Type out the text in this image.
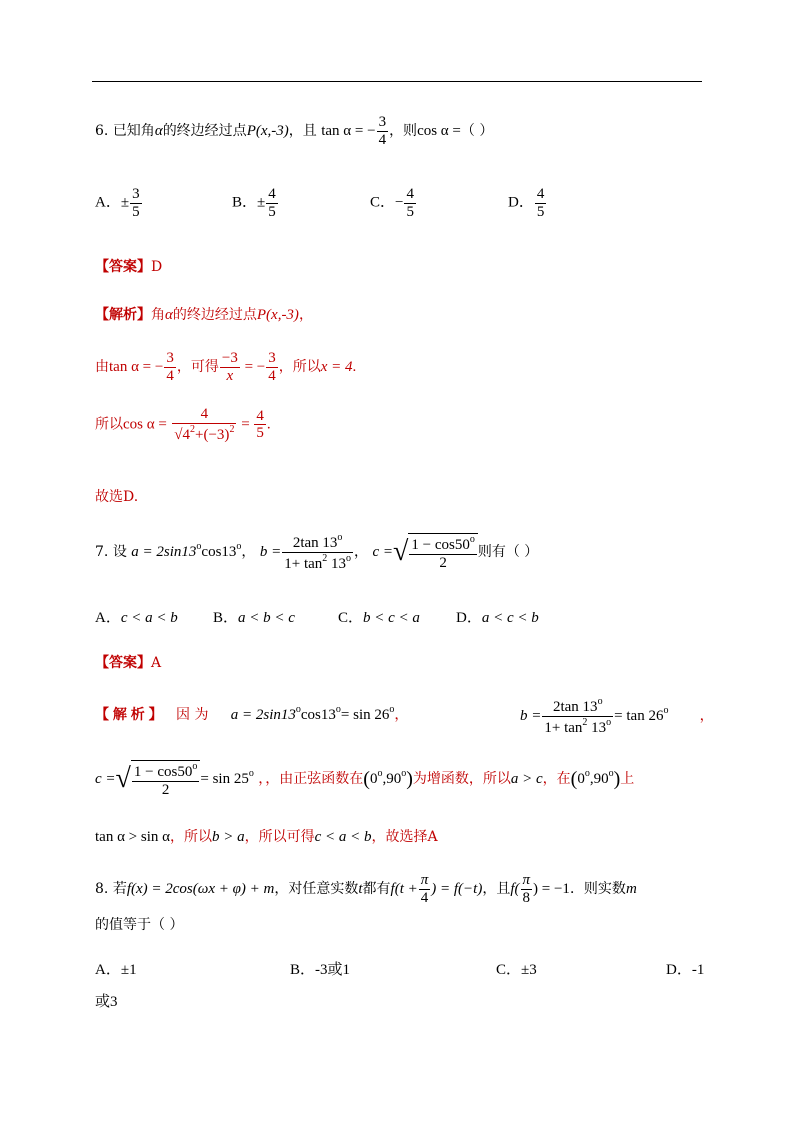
6. 已知角α的终边经过点P(x,-3)，且 tan α = − $\frac{3}{4}$ ，则cos α =（ ）
A．± $\frac{3}{5}$	B．± $\frac{4}{5}$	C．− $\frac{4}{5}$	D． $\frac{4}{5}$
【答案】D
【解析】角α的终边经过点P(x,-3)，
由tan α = − $\frac{3}{4}$ ，可得 $\frac{-3}{x}$ = − $\frac{3}{4}$ ，所以x = 4.
所以$\cos \alpha = \frac{4}{√4^2+(-3)^2} = \frac{4}{5}$ .
故选D.
7. 设 $a = 2\sin 13^o\cos 13^o$， $b = \frac{2\tan 13^o}{1+ \tan^2 13^o}$ ， c =√ $\frac{1 - \cos 50^o}{2}$ 则有（ ）
A．c < a < b B．a < b < c	C．b < c < a D．a < c < b
【答案】A
【 解 析 】 因 为 $a = 2\sin 13^o\cos 13^o= \sin 26^o$，	$b = \frac{2\tan 13^o}{1+ \tan^2 13^o} = \tan 26^o$       ，
c =√ $\frac{1 - \cos 50^o}{2} = \sin 25^o$ ，，由正弦函数在(0$^o$,90$^o$)为增函数，所以a > c，在(0$^o$,90$^o$)上
tan α > sin α，所以b > a，所以可得c < a < b，故选择A
8. 若f(x) = 2cos(ωx + φ) + m，对任意实数t都有$f(t + \frac{\pi}{4}$ ) = f(−t)，且$f( \frac{\pi}{8}$ ) = −1．则实数m
的值等于（ ）
A．±1	B．-3或1	C．±3	D．-1
或3
